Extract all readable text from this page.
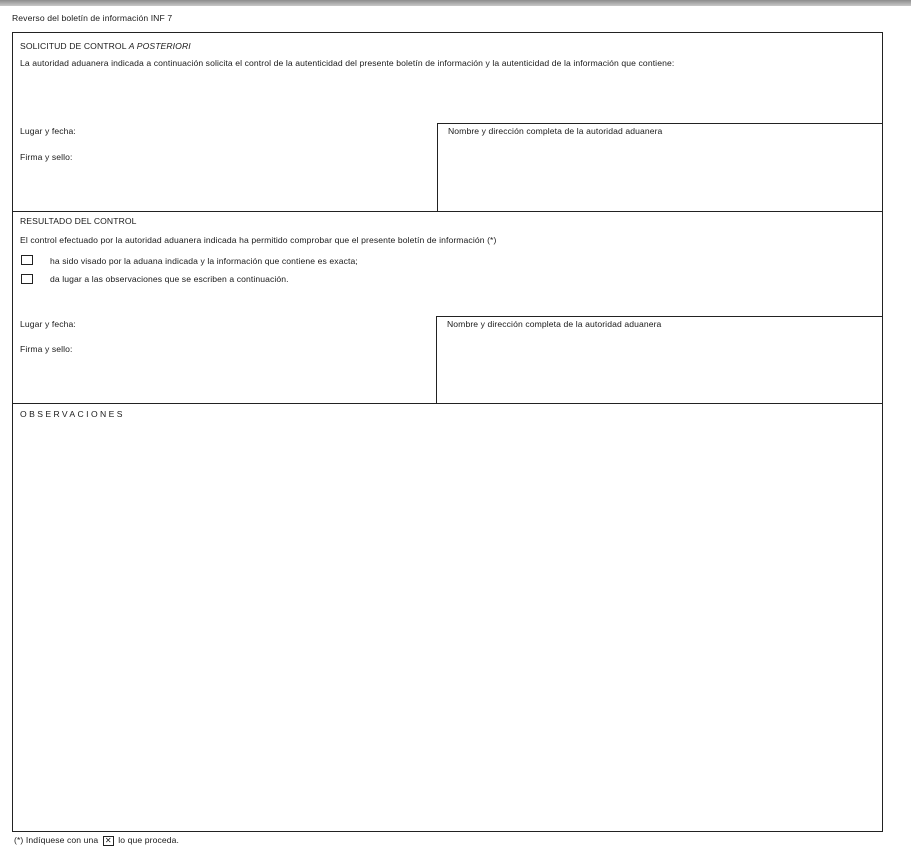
Reverso del boletín de información INF 7
SOLICITUD DE CONTROL A POSTERIORI
La autoridad aduanera indicada a continuación solicita el control de la autenticidad del presente boletín de información y la autenticidad de la información que contiene:
Lugar y fecha:
Firma y sello:
Nombre y dirección completa de la autoridad aduanera
RESULTADO DEL CONTROL
El control efectuado por la autoridad aduanera indicada ha permitido comprobar que el presente boletín de información (*)
ha sido visado por la aduana indicada y la información que contiene es exacta;
da lugar a las observaciones que se escriben a continuación.
Lugar y fecha:
Firma y sello:
Nombre y dirección completa de la autoridad aduanera
OBSERVACIONES
(*) Indíquese con una ✕ lo que proceda.
